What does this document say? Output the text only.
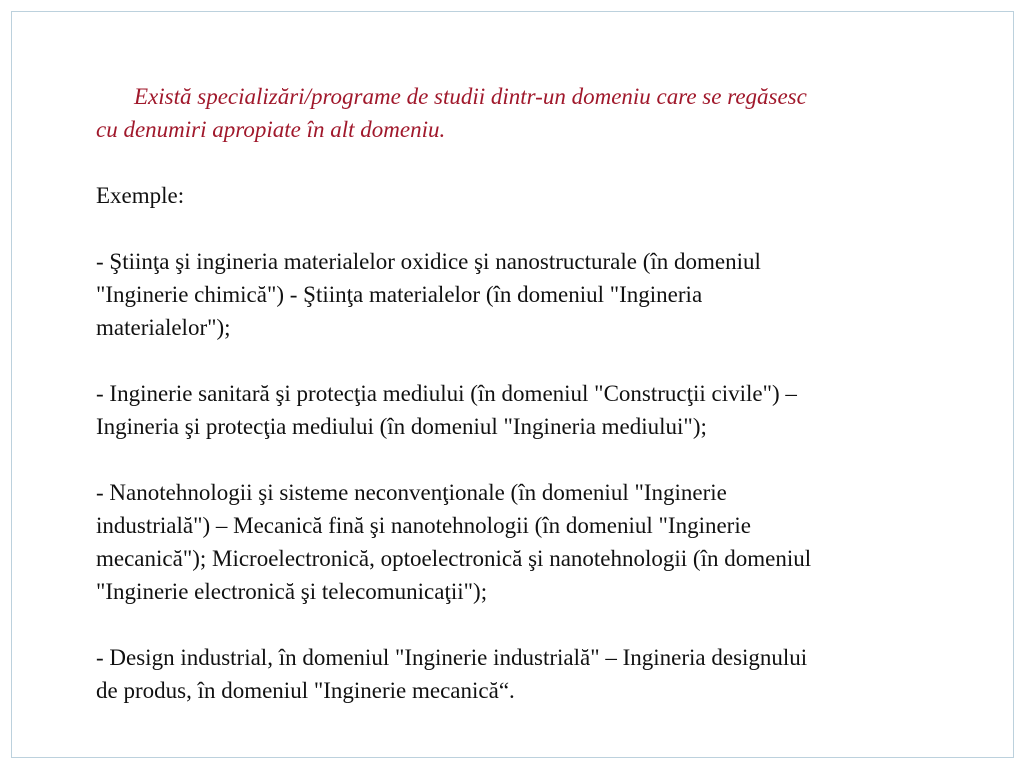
Există specializări/programe de studii dintr-un domeniu care se regăsesc
cu denumiri apropiate în alt domeniu.

Exemple:

- Ştiinţa şi ingineria materialelor oxidice şi nanostructurale (în domeniul
"Inginerie chimică") - Ştiinţa materialelor (în domeniul "Ingineria
materialelor");
- Inginerie sanitară şi protecţia mediului (în domeniul "Construcţii civile") –
Ingineria şi protecţia mediului (în domeniul "Ingineria mediului");
- Nanotehnologii şi sisteme neconvenţionale (în domeniul "Inginerie
industrială") – Mecanică fină şi nanotehnologii (în domeniul "Inginerie
mecanică"); Microelectronică, optoelectronică şi nanotehnologii (în domeniul
"Inginerie electronică şi telecomunicaţii");
- Design industrial, în domeniul "Inginerie industrială" – Ingineria designului
de produs, în domeniul "Inginerie mecanică“.
